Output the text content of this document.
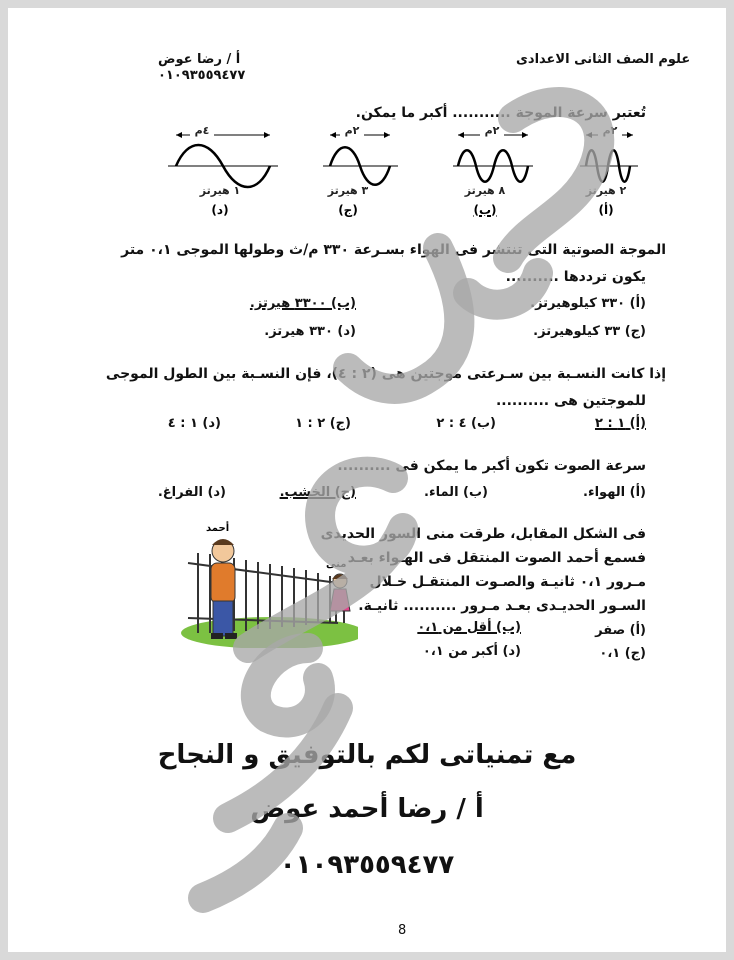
أ / رضا عوض
٠١٠٩٣٥٥٩٤٧٧
علوم الصف الثانى الاعدادى
تُعتبر سرعة الموجة ........... أكبر ما يمكن.
٤م	٢م	٢م	٢م
١ هيرتز	٣ هيرتز	٨ هيرتز	٢ هيرتز
(د)	(ج)	(ب)	(أ)
الموجة الصوتية التى تنتشر فى الهواء بسـرعة ٣٣٠ م/ث وطولها الموجى ٠،١ متر
يكون ترددها ..........
(أ) ٣٣٠ كيلوهيرتز.
(ب) ٣٣٠٠ هيرتز.
(ج) ٣٣ كيلوهيرتز.
(د) ٣٣٠ هيرتز.
إذا كانت النسـبة بين سـرعتى موجتين هى (٢ : ٤)، فإن النسـبة بين الطول الموجى
للموجتين هى ..........
(أ) ١ : ٢
(ب) ٤ : ٢
(ج) ٢ : ١
(د) ١ : ٤
سرعة الصوت تكون أكبر ما يمكن فى ..........
(أ) الهواء.
(ب) الماء.
(ج) الخشب.
(د) الفراغ.
فى الشكل المقابل، طرقت منى السور الحديدى
فسمع أحمد الصوت المنتقل فى الهـواء بعـد
مـرور ٠،١ ثانيـة والصـوت المنتقـل خـلال
السـور الحديـدى بعـد مـرور .......... ثانيـة.
(أ) صفر
(ب) أقل من ٠،١
(ج) ٠،١
(د) أكبر من ٠،١
أحمد
منى
مع تمنياتى لكم بالتوفيق و النجاح
أ / رضا أحمد عوض
٠١٠٩٣٥٥٩٤٧٧
8
